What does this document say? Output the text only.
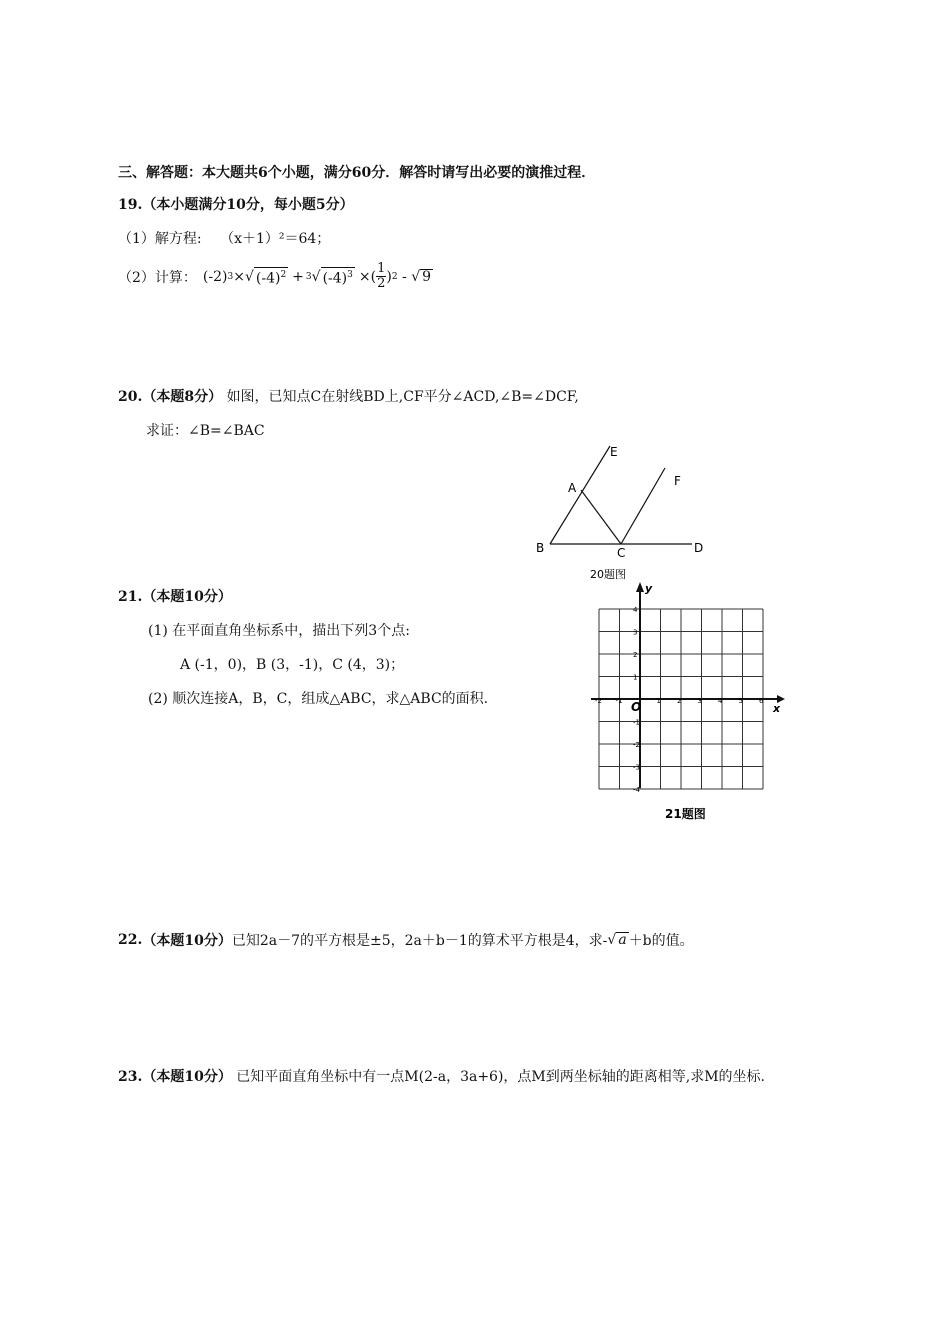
三、解答题：本大题共6个小题，满分60分．解答时请写出必要的演推过程．
19.（本小题满分10分，每小题5分）
（1）解方程: （x＋1）²＝64；
（2）计算： (-2) 3 × √ $(-4)^2 + 3$ √ $(-4)^3$ ×( $\frac{1}{2}$ ) 2 - √ 9
20.（本题8分） 如图，已知点C在射线BD上,CF平分∠ACD,∠B=∠DCF,
求证：∠B=∠BAC
E
A	F
B	C	D
20题图
21.（本题10分）
(1) 在平面直角坐标系中，描出下列3个点:
A (-1，0)，B (3，-1)，C (4，3)；
(2) 顺次连接A，B，C，组成△ABC，求△ABC的面积.
y
x
O
-2 -1	1 2 3 4 5 6
4
3
2
1
-1
-2
-3
-4
21题图
22. （本题10分） 已知2a－7的平方根是±5，2a＋b－1的算术平方根是4，求- √ a ＋b的值。
23.（本题10分） 已知平面直角坐标中有一点M(2-a，3a+6)，点M到两坐标轴的距离相等,求M的坐标.
